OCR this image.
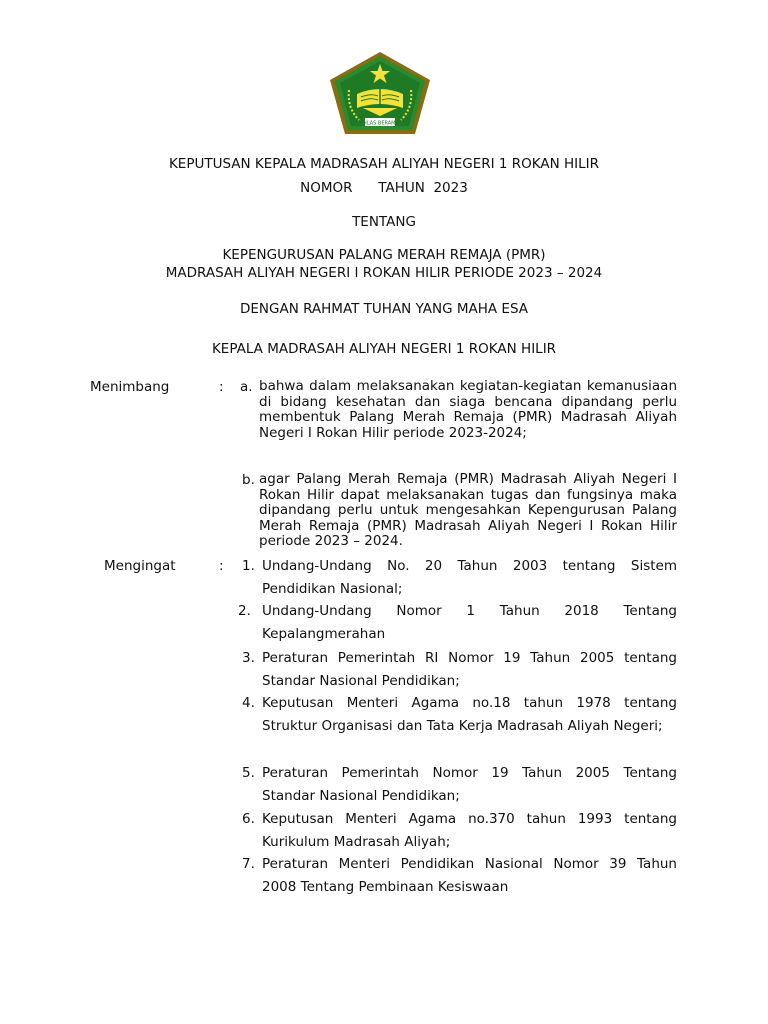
IKHLAS BERAMAL
KEPUTUSAN KEPALA MADRASAH ALIYAH NEGERI 1 ROKAN HILIR
NOMOR      TAHUN  2023
TENTANG
KEPENGURUSAN PALANG MERAH REMAJA (PMR)
MADRASAH ALIYAH NEGERI I ROKAN HILIR PERIODE 2023 – 2024
DENGAN RAHMAT TUHAN YANG MAHA ESA
KEPALA MADRASAH ALIYAH NEGERI 1 ROKAN HILIR
Menimbang	: a. bahwa dalam melaksanakan kegiatan-kegiatan kemanusiaan di bidang kesehatan dan siaga bencana dipandang perlu membentuk Palang Merah Remaja (PMR) Madrasah Aliyah Negeri I Rokan Hilir periode 2023-2024;
b. agar Palang Merah Remaja (PMR) Madrasah Aliyah Negeri I Rokan Hilir dapat melaksanakan tugas dan fungsinya maka dipandang perlu untuk mengesahkan Kepengurusan Palang Merah Remaja (PMR) Madrasah Aliyah Negeri I Rokan Hilir periode 2023 – 2024.
Mengingat	: 1. Undang-Undang No. 20 Tahun 2003 tentang Sistem Pendidikan Nasional;
2. Undang-Undang Nomor 1 Tahun 2018 Tentang Kepalangmerahan
3. Peraturan Pemerintah RI Nomor 19 Tahun 2005 tentang Standar Nasional Pendidikan;
4. Keputusan Menteri Agama no.18 tahun 1978 tentang Struktur Organisasi dan Tata Kerja Madrasah Aliyah Negeri;
5. Peraturan Pemerintah Nomor 19 Tahun 2005 Tentang Standar Nasional Pendidikan;
6. Keputusan Menteri Agama no.370 tahun 1993 tentang Kurikulum Madrasah Aliyah;
7. Peraturan Menteri Pendidikan Nasional Nomor 39 Tahun 2008 Tentang Pembinaan Kesiswaan
